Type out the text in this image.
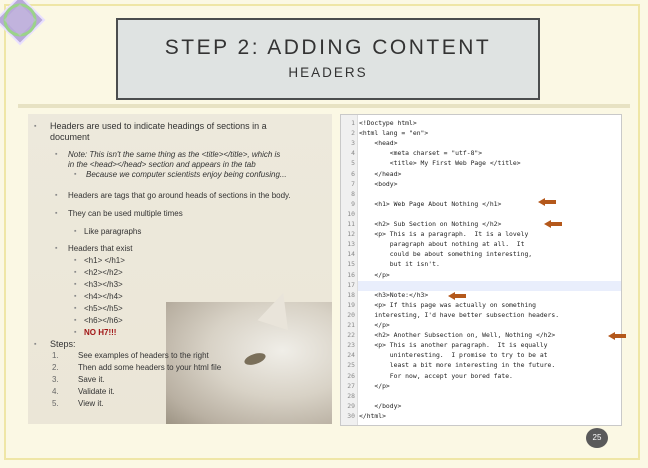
STEP 2: ADDING CONTENT
HEADERS
▪ Headers are used to indicate headings of sections in a
document
▪ Note: This isn't the same thing as the <title></title>, which is
in the <head></head> section and appears in the tab
▪ Because we computer scientists enjoy being confusing...
▪ Headers are tags that go around heads of sections in the body.
▪ They can be used multiple times
▪ Like paragraphs
▪ Headers that exist
▪ <h1> </h1>
▪ <h2></h2>
▪ <h3></h3>
▪ <h4></h4>
▪ <h5></h5>
▪ <h6></h6>
▪ NO H7!!!
▪ Steps:
1. See examples of headers to the right
2. Then add some headers to your html file
3. Save it.
4. Validate it.
5. View it.
1 <!Doctype html>
2 <html lang = "en">
3 <head>
4 <meta charset = "utf-8">
5 <title> My First Web Page </title>
6 </head>
7 <body>
8
9 <h1> Web Page About Nothing </h1>
10
11 <h2> Sub Section on Nothing </h2>
12 <p> This is a paragraph.  It is a lovely
13 paragraph about nothing at all.  It
14 could be about something interesting,
15 but it isn't.
16 </p>
17
18 <h3>Note:</h3>
19 <p> If this page was actually on something
20 interesting, I'd have better subsection headers.
21 </p>
22 <h2> Another Subsection on, Well, Nothing </h2>
23 <p> This is another paragraph.  It is equally
24 uninteresting.  I promise to try to be at
25 least a bit more interesting in the future.
26 For now, accept your bored fate.
27 </p>
28
29 </body>
30 </html>
25
